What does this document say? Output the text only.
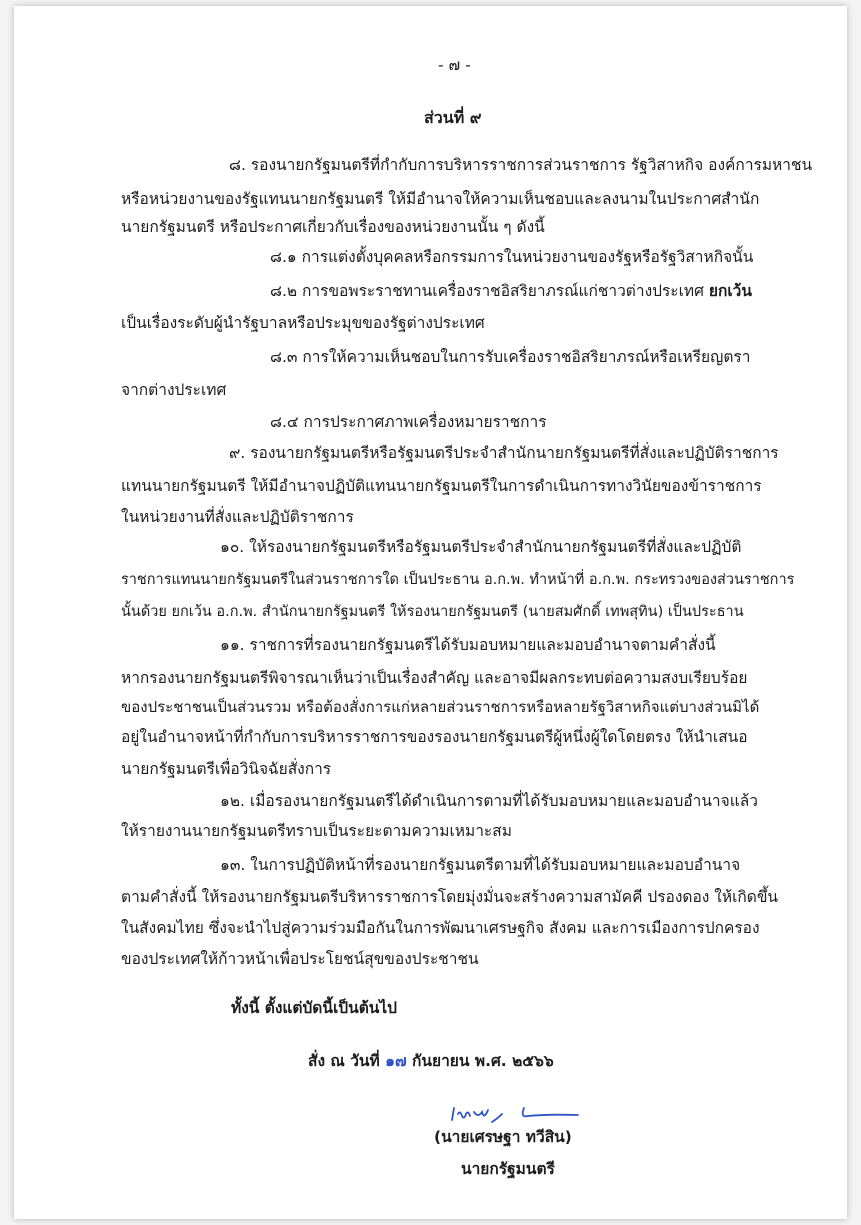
- ๗ -
ส่วนที่ ๙
๘. รองนายกรัฐมนตรีที่กำกับการบริหารราชการส่วนราชการ รัฐวิสาหกิจ องค์การมหาชน
หรือหน่วยงานของรัฐแทนนายกรัฐมนตรี ให้มีอำนาจให้ความเห็นชอบและลงนามในประกาศสำนัก
นายกรัฐมนตรี หรือประกาศเกี่ยวกับเรื่องของหน่วยงานนั้น ๆ ดังนี้
๘.๑ การแต่งตั้งบุคคลหรือกรรมการในหน่วยงานของรัฐหรือรัฐวิสาหกิจนั้น
๘.๒ การขอพระราชทานเครื่องราชอิสริยาภรณ์แก่ชาวต่างประเทศ ยกเว้น
เป็นเรื่องระดับผู้นำรัฐบาลหรือประมุขของรัฐต่างประเทศ
๘.๓ การให้ความเห็นชอบในการรับเครื่องราชอิสริยาภรณ์หรือเหรียญตรา
จากต่างประเทศ
๘.๔ การประกาศภาพเครื่องหมายราชการ
๙. รองนายกรัฐมนตรีหรือรัฐมนตรีประจำสำนักนายกรัฐมนตรีที่สั่งและปฏิบัติราชการ
แทนนายกรัฐมนตรี ให้มีอำนาจปฏิบัติแทนนายกรัฐมนตรีในการดำเนินการทางวินัยของข้าราชการ
ในหน่วยงานที่สั่งและปฏิบัติราชการ
๑๐. ให้รองนายกรัฐมนตรีหรือรัฐมนตรีประจำสำนักนายกรัฐมนตรีที่สั่งและปฏิบัติ
ราชการแทนนายกรัฐมนตรีในส่วนราชการใด เป็นประธาน อ.ก.พ. ทำหน้าที่ อ.ก.พ. กระทรวงของส่วนราชการ
นั้นด้วย ยกเว้น อ.ก.พ. สำนักนายกรัฐมนตรี ให้รองนายกรัฐมนตรี (นายสมศักดิ์ เทพสุทิน) เป็นประธาน
๑๑. ราชการที่รองนายกรัฐมนตรีได้รับมอบหมายและมอบอำนาจตามคำสั่งนี้
หากรองนายกรัฐมนตรีพิจารณาเห็นว่าเป็นเรื่องสำคัญ และอาจมีผลกระทบต่อความสงบเรียบร้อย
ของประชาชนเป็นส่วนรวม หรือต้องสั่งการแก่หลายส่วนราชการหรือหลายรัฐวิสาหกิจแต่บางส่วนมิได้
อยู่ในอำนาจหน้าที่กำกับการบริหารราชการของรองนายกรัฐมนตรีผู้หนึ่งผู้ใดโดยตรง ให้นำเสนอ
นายกรัฐมนตรีเพื่อวินิจฉัยสั่งการ
๑๒. เมื่อรองนายกรัฐมนตรีได้ดำเนินการตามที่ได้รับมอบหมายและมอบอำนาจแล้ว
ให้รายงานนายกรัฐมนตรีทราบเป็นระยะตามความเหมาะสม
๑๓. ในการปฏิบัติหน้าที่รองนายกรัฐมนตรีตามที่ได้รับมอบหมายและมอบอำนาจ
ตามคำสั่งนี้ ให้รองนายกรัฐมนตรีบริหารราชการโดยมุ่งมั่นจะสร้างความสามัคคี ปรองดอง ให้เกิดขึ้น
ในสังคมไทย ซึ่งจะนำไปสู่ความร่วมมือกันในการพัฒนาเศรษฐกิจ สังคม และการเมืองการปกครอง
ของประเทศให้ก้าวหน้าเพื่อประโยชน์สุขของประชาชน
ทั้งนี้ ตั้งแต่บัดนี้เป็นต้นไป
สั่ง ณ วันที่ ๑๗ กันยายน พ.ศ. ๒๕๖๖
(นายเศรษฐา ทวีสิน)
นายกรัฐมนตรี
